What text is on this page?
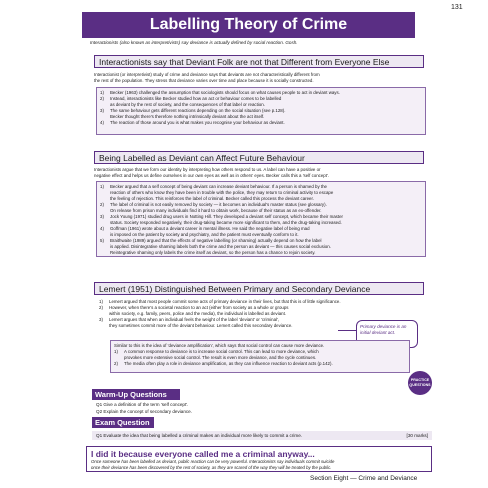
131
Labelling Theory of Crime
Interactionists (also known as interpretivists) say deviance is actually defined by social reaction. Gosh.
Interactionists say that Deviant Folk are not that Different from Everyone Else
Interactionist (or interpretivist) study of crime and deviance says that deviants are not characteristically different from
the rest of the population. They stress that deviance varies over time and place because it is socially constructed.
1) Becker (1963) challenged the assumption that sociologists should focus on what causes people to act in deviant ways.
2) Instead, interactionists like Becker studied how an act or behaviour comes to be labelled
as deviant by the rest of society, and the consequences of that label or reaction.
3) The same behaviour gets different reactions depending on the social situation (see p.128).
Becker thought there's therefore nothing intrinsically deviant about the act itself.
4) The reaction of those around you is what makes you recognise your behaviour as deviant.
Being Labelled as Deviant can Affect Future Behaviour
Interactionists argue that we form our identity by interpreting how others respond to us. A label can have a positive or
negative effect and helps us define ourselves in our own eyes as well as in others' eyes. Becker calls this a 'self concept'.
1) Becker argued that a self concept of being deviant can increase deviant behaviour. If a person is shamed by the
reaction of others who know they have been in trouble with the police, they may return to criminal activity to escape
the feeling of rejection. This reinforces the label of criminal. Becker called this process the deviant career.
2) The label of criminal is not easily removed by society — it becomes an individual's master status (see glossary).
On release from prison many individuals find it hard to obtain work, because of their status as an ex-offender.
3) Jock Young (1971) studied drug users in Notting Hill. They developed a deviant self concept, which became their master
status. Society responded negatively, their drug-taking became more significant to them, and the drug-taking increased.
4) Goffman (1961) wrote about a deviant career in mental illness. He said the negative label of being mad
is imposed on the patient by society and psychiatry, and the patient must eventually conform to it.
5) Braithwaite (1989) argued that the effects of negative labelling (or shaming) actually depend on how the label
is applied. Disintegrative shaming labels both the crime and the person as deviant — this causes social exclusion.
Reintegrative shaming only labels the crime itself as deviant, so the person has a chance to rejoin society.
Lemert (1951) Distinguished Between Primary and Secondary Deviance
1) Lemert argued that most people commit some acts of primary deviance in their lives, but that this is of little significance.
2) However, when there's a societal reaction to an act (either from society as a whole or groups
within society, e.g. family, peers, police and the media), the individual is labelled as deviant.
3) Lemert argues that when an individual feels the weight of the label 'deviant' or 'criminal',
they sometimes commit more of the deviant behaviour. Lemert called this secondary deviance.	Primary deviance is an initial deviant act.
Similar to this is the idea of 'deviance amplification', which says that social control can cause more deviance.
1) A common response to deviance is to increase social control. This can lead to more deviance, which
provokes more extensive social control. The result is even more deviance, and the cycle continues.
2) The media often play a role in deviance amplification, as they can influence reaction to deviant acts (p.142).
Warm-Up Questions
PRACTICE QUESTIONS
Q1 Give a definition of the term 'self concept'.
Q2 Explain the concept of secondary deviance.
Exam Question
Q1 Evaluate the idea that being labelled a criminal makes an individual more likely to commit a crime.	[30 marks]
I did it because everyone called me a criminal anyway...
Once someone has been labelled as deviant, public reaction can be very powerful. Interactionists say individuals commit suicide
once their deviance has been discovered by the rest of society, as they are scared of the way they will be treated by the public.
Section Eight — Crime and Deviance
